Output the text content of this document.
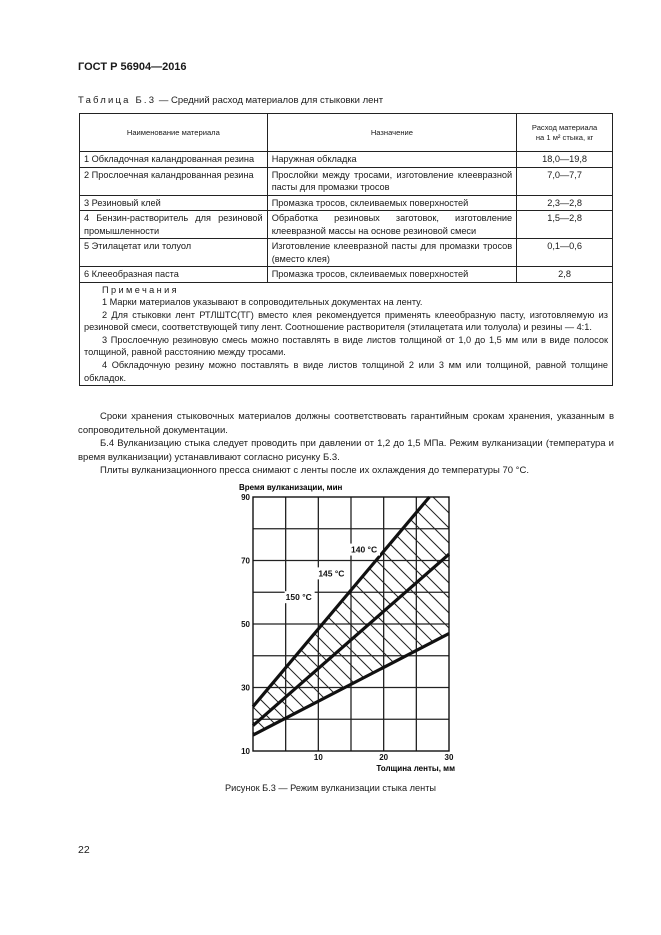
ГОСТ Р 56904—2016
Таблица Б.3 — Средний расход материалов для стыковки лент
Наименование материала	Назначение	Расход материала
на 1 м² стыка, кг
1 Обкладочная каландрованная резина	Наружная обкладка	18,0—19,8
2 Прослоечная каландрованная резина	Прослойки между тросами, изготовление клеевразной пасты для промазки тросов	7,0—7,7
3 Резиновый клей	Промазка тросов, склеиваемых поверхностей	2,3—2,8
4 Бензин-растворитель для резиновой промышленности	Обработка резиновых заготовок, изготовление клеевразной массы на основе резиновой смеси	1,5—2,8
5 Этилацетат или толуол	Изготовление клеевразной пасты для промазки тросов (вместо клея)	0,1—0,6
6 Клееобразная паста	Промазка тросов, склеиваемых поверхностей	2,8

Примечания

1 Марки материалов указывают в сопроводительных документах на ленту.

2 Для стыковки лент РТЛШТС(ТГ) вместо клея рекомендуется применять клееобразную пасту, изготовляемую из резиновой смеси, соответствующей типу лент. Соотношение растворителя (этилацетата или толуола) и резины — 4:1.

3 Прослоечную резиновую смесь можно поставлять в виде листов толщиной от 1,0 до 1,5 мм или в виде полосок толщиной, равной расстоянию между тросами.

4 Обкладочную резину можно поставлять в виде листов толщиной 2 или 3 мм или толщиной, равной толщине обкладок.		

Сроки хранения стыковочных материалов должны соответствовать гарантийным срокам хранения, указанным в сопроводительной документации.

Б.4 Вулканизацию стыка следует проводить при давлении от 1,2 до 1,5 МПа. Режим вулканизации (температура и время вулканизации) устанавливают согласно рисунку Б.3.

Плиты вулканизационного пресса снимают с ленты после их охлаждения до температуры 70 °С.

140 °С
145 °С
150 °С
10
30
50
70
90
10	20	30
Время вулканизации, мин
Толщина ленты, мм
Рисунок Б.3 — Режим вулканизации стыка ленты
22
